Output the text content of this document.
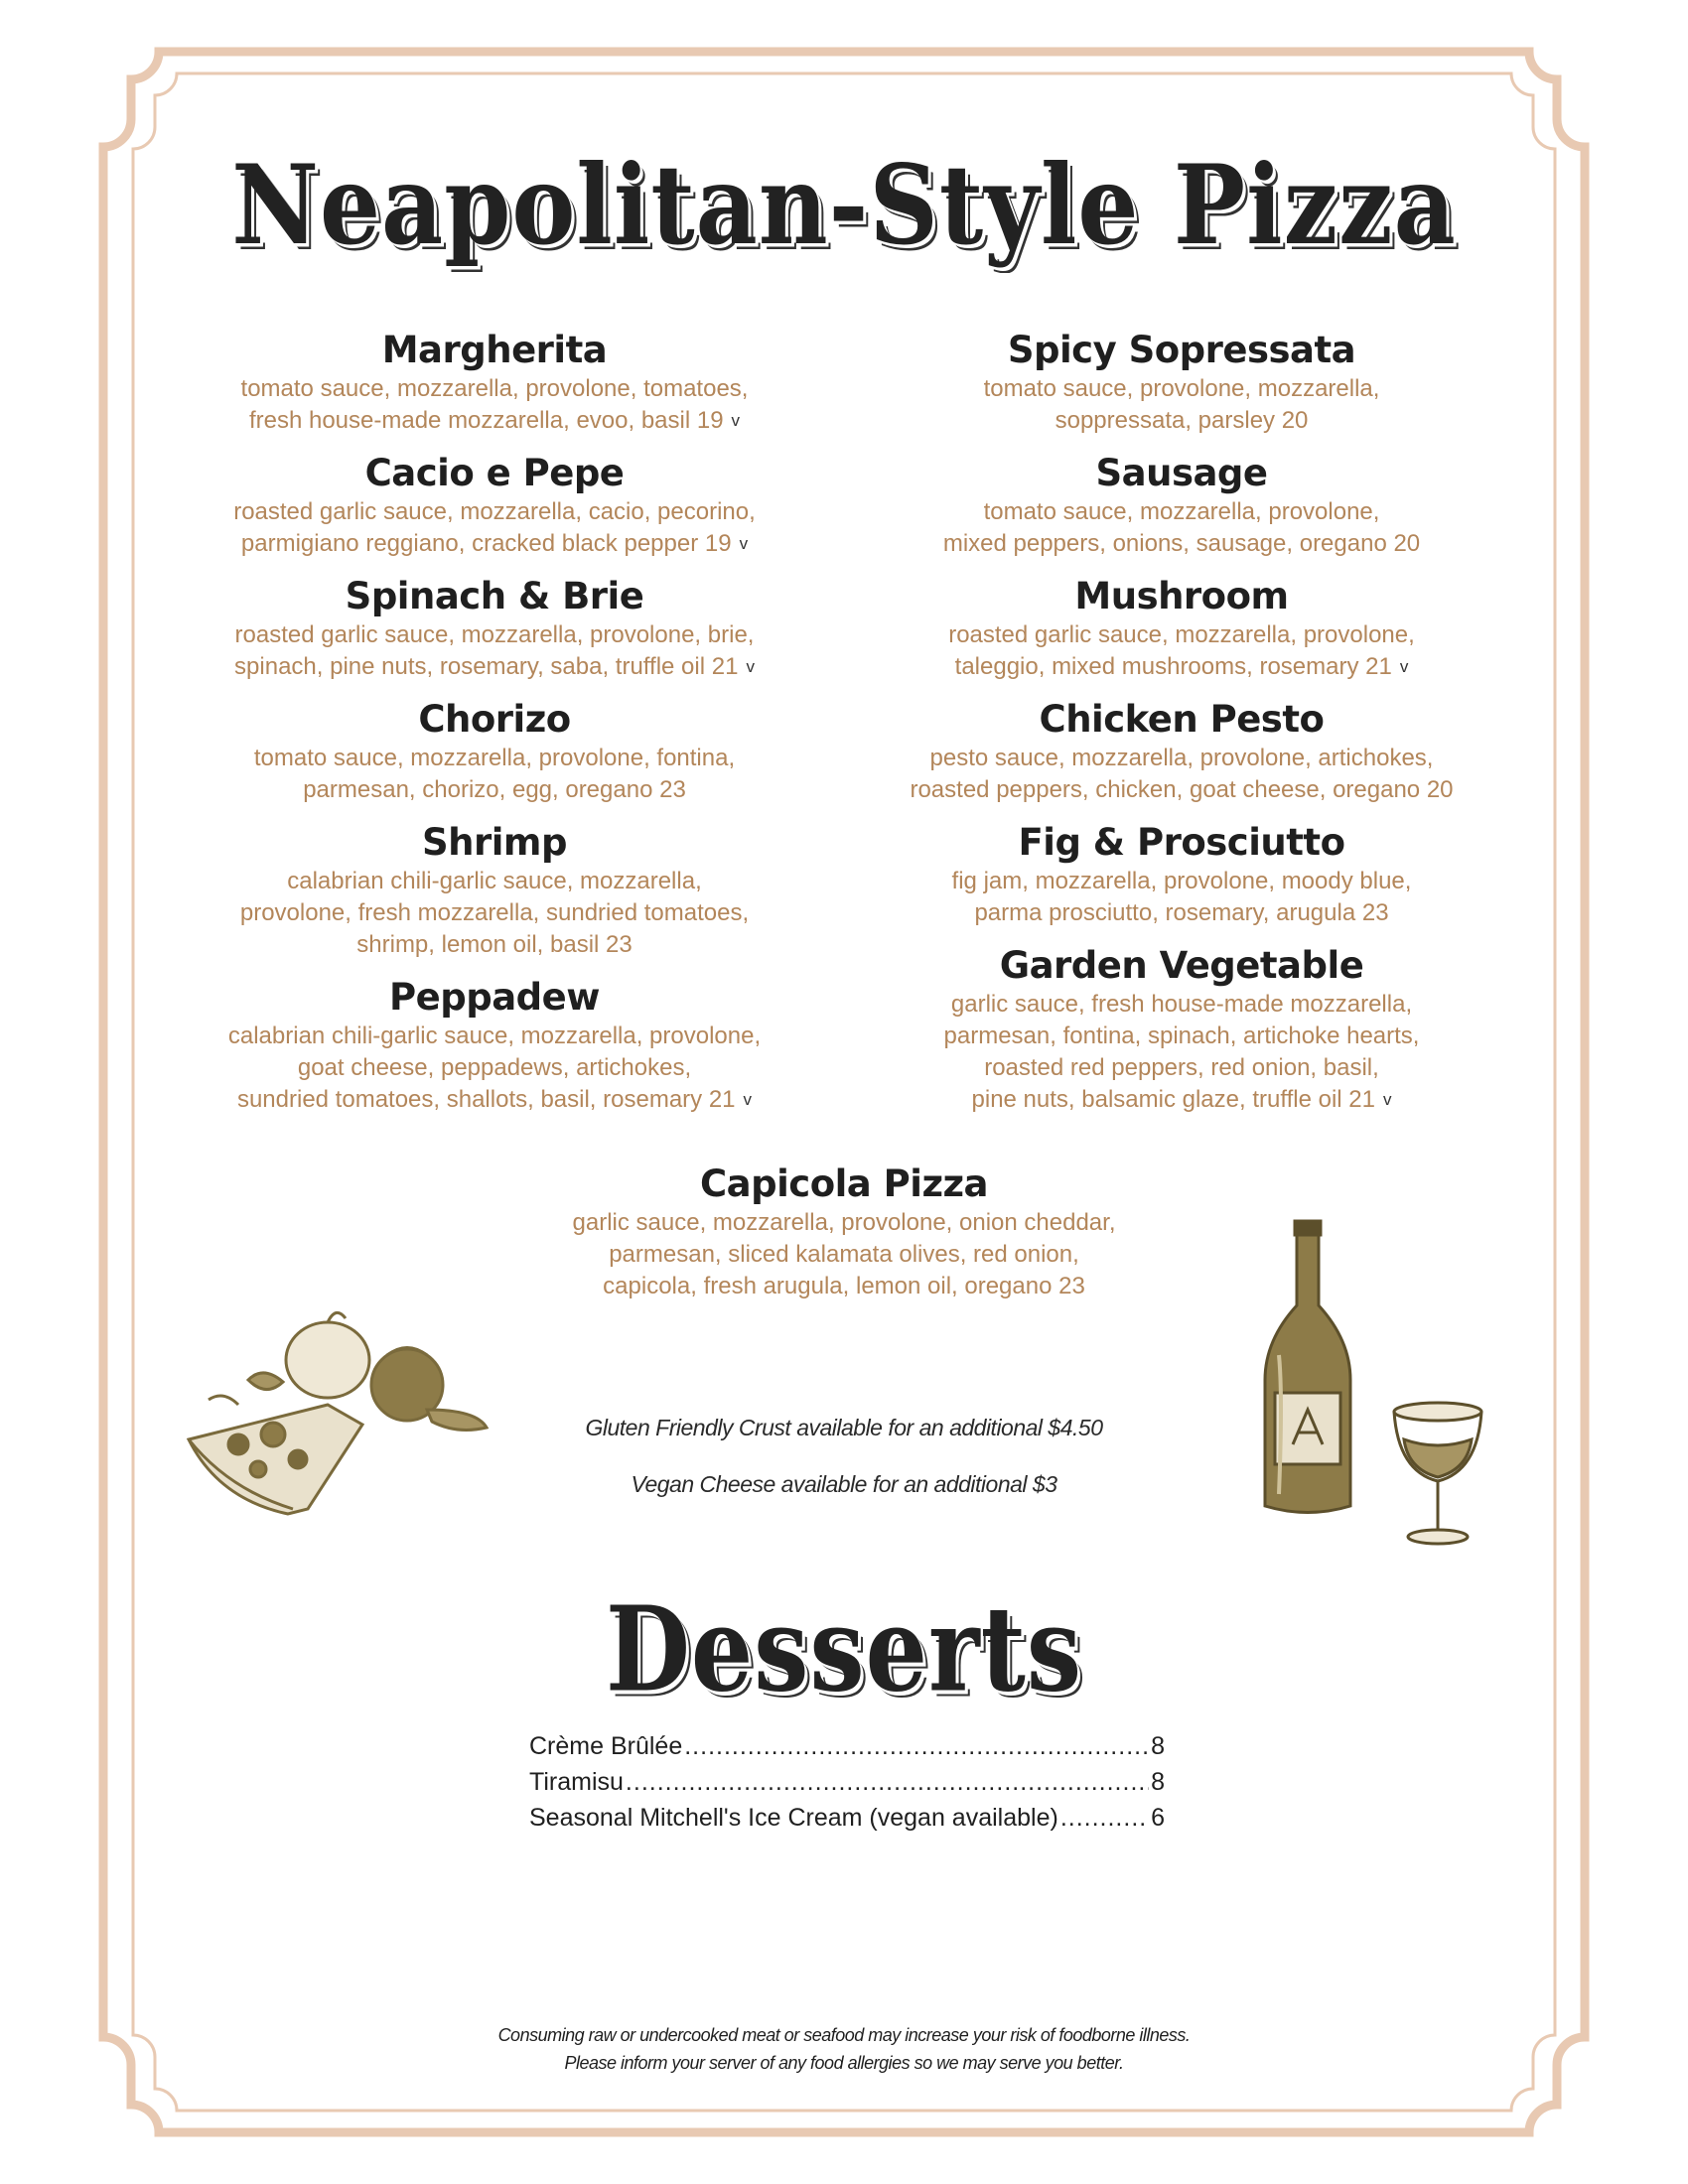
Neapolitan-Style Pizza
Margherita
tomato sauce, mozzarella, provolone, tomatoes,
fresh house-made mozzarella, evoo, basil 19 v
Cacio e Pepe
roasted garlic sauce, mozzarella, cacio, pecorino,
parmigiano reggiano, cracked black pepper 19 v
Spinach & Brie
roasted garlic sauce, mozzarella, provolone, brie,
spinach, pine nuts, rosemary, saba, truffle oil 21 v
Chorizo
tomato sauce, mozzarella, provolone, fontina,
parmesan, chorizo, egg, oregano 23
Shrimp
calabrian chili-garlic sauce, mozzarella,
provolone, fresh mozzarella, sundried tomatoes,
shrimp, lemon oil, basil 23
Peppadew
calabrian chili-garlic sauce, mozzarella, provolone,
goat cheese, peppadews, artichokes,
sundried tomatoes, shallots, basil, rosemary 21 v
Spicy Sopressata
tomato sauce, provolone, mozzarella,
soppressata, parsley 20
Sausage
tomato sauce, mozzarella, provolone,
mixed peppers, onions, sausage, oregano 20
Mushroom
roasted garlic sauce, mozzarella, provolone,
taleggio, mixed mushrooms, rosemary 21 v
Chicken Pesto
pesto sauce, mozzarella, provolone, artichokes,
roasted peppers, chicken, goat cheese, oregano 20
Fig & Prosciutto
fig jam, mozzarella, provolone, moody blue,
parma prosciutto, rosemary, arugula 23
Garden Vegetable
garlic sauce, fresh house-made mozzarella,
parmesan, fontina, spinach, artichoke hearts,
roasted red peppers, red onion, basil,
pine nuts, balsamic glaze, truffle oil 21 v
Capicola Pizza
garlic sauce, mozzarella, provolone, onion cheddar,
parmesan, sliced kalamata olives, red onion,
capicola, fresh arugula, lemon oil, oregano 23
Gluten Friendly Crust available for an additional $4.50
Vegan Cheese available for an additional $3
Desserts
Crème Brûlée .....	8
Tiramisu .....	8
Seasonal Mitchell's Ice Cream (vegan available) .....	6
Consuming raw or undercooked meat or seafood may increase your risk of foodborne illness.
Please inform your server of any food allergies so we may serve you better.
